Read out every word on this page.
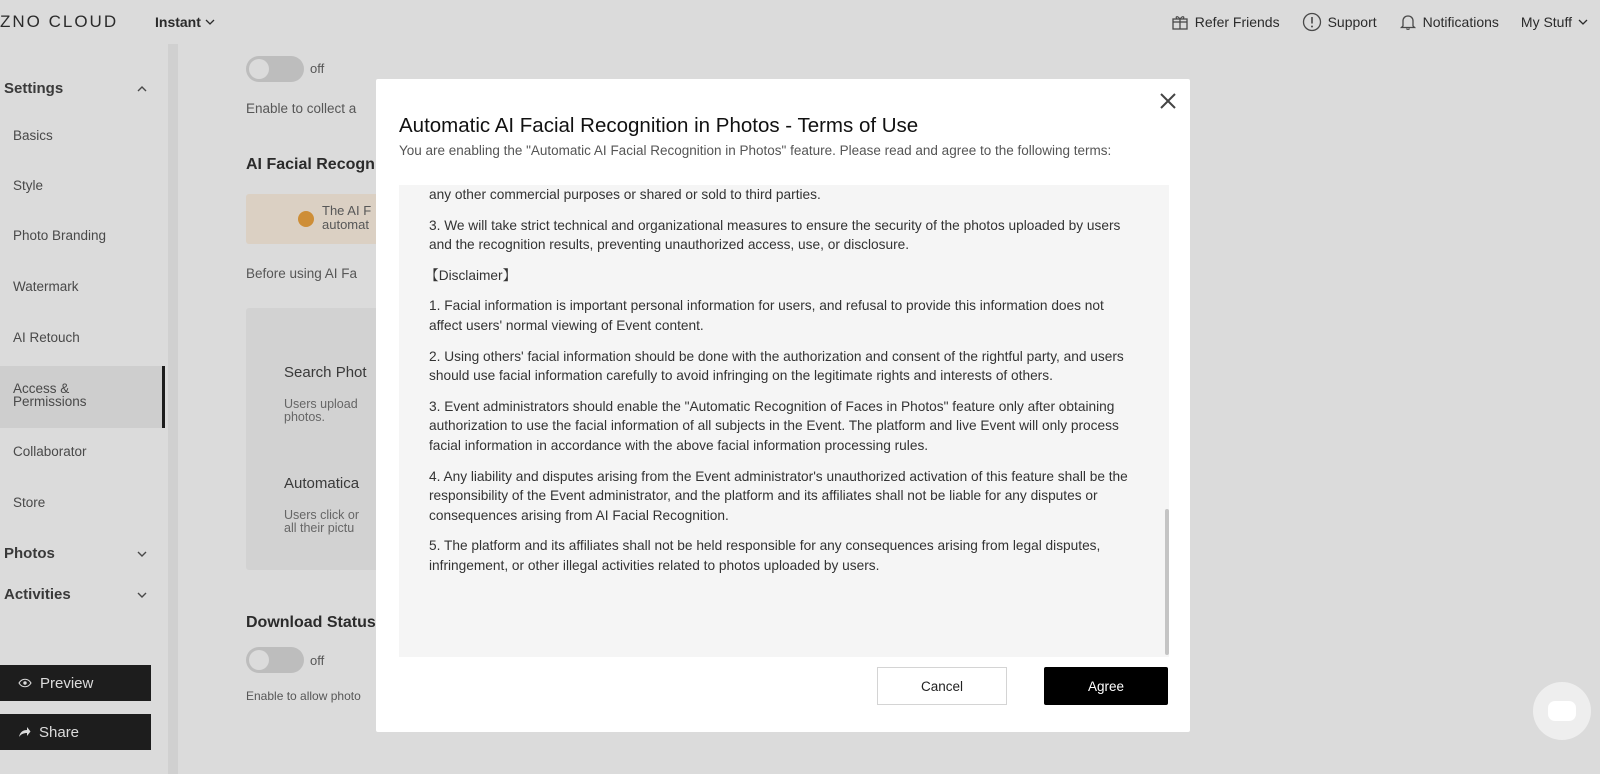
ZNO CLOUD	Instant	Refer Friends	Support	Notifications My Stuff
Settings
Basics
Style
Photo Branding
Watermark
AI Retouch
Access & Permissions
Collaborator
Store
Photos
Activities
Preview
Share
off
Enable to collect a
AI Facial Recogn
The AI F
automat
Before using AI Fa
Search Phot
Users upload
photos.
Automatica
Users click or
all their pictu
Download Status
off
Enable to allow photo
Automatic AI Facial Recognition in Photos - Terms of Use
You are enabling the "Automatic AI Facial Recognition in Photos" feature. Please read and agree to the following terms:

any other commercial purposes or shared or sold to third parties.

3. We will take strict technical and organizational measures to ensure the security of the photos uploaded by users and the recognition results, preventing unauthorized access, use, or disclosure.

【Disclaimer】

1. Facial information is important personal information for users, and refusal to provide this information does not affect users' normal viewing of Event content.

2. Using others' facial information should be done with the authorization and consent of the rightful party, and users should use facial information carefully to avoid infringing on the legitimate rights and interests of others.

3. Event administrators should enable the "Automatic Recognition of Faces in Photos" feature only after obtaining authorization to use the facial information of all subjects in the Event. The platform and live Event will only process facial information in accordance with the above facial information processing rules.

4. Any liability and disputes arising from the Event administrator's unauthorized activation of this feature shall be the responsibility of the Event administrator, and the platform and its affiliates shall not be liable for any disputes or consequences arising from AI Facial Recognition.

5. The platform and its affiliates shall not be held responsible for any consequences arising from legal disputes, infringement, or other illegal activities related to photos uploaded by users.

Cancel	Agree
